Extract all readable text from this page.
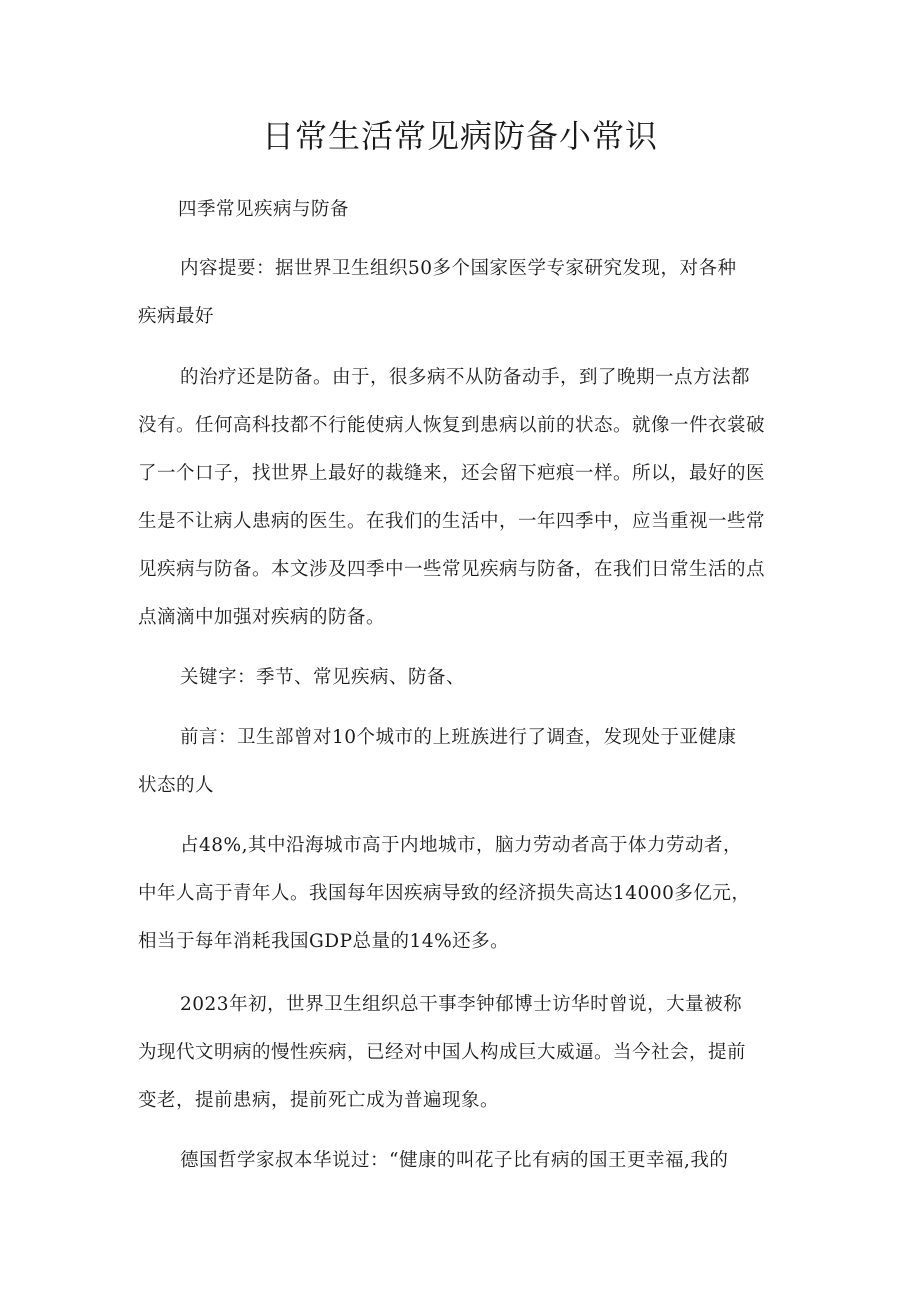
日常生活常见病防备小常识

四季常见疾病与防备

内容提要：据世界卫生组织50多个国家医学专家研究发现，对各种
疾病最好

的治疗还是防备。由于，很多病不从防备动手，到了晚期一点方法都
没有。任何高科技都不行能使病人恢复到患病以前的状态。就像一件衣裳破
了一个口子，找世界上最好的裁缝来，还会留下疤痕一样。所以，最好的医
生是不让病人患病的医生。在我们的生活中，一年四季中，应当重视一些常
见疾病与防备。本文涉及四季中一些常见疾病与防备，在我们日常生活的点
点滴滴中加强对疾病的防备。

关键字：季节、常见疾病、防备、

前言：卫生部曾对10个城市的上班族进行了调查，发现处于亚健康
状态的人

占48%,其中沿海城市高于内地城市，脑力劳动者高于体力劳动者，
中年人高于青年人。我国每年因疾病导致的经济损失高达14000多亿元，
相当于每年消耗我国GDP总量的14%还多。

2023年初，世界卫生组织总干事李钟郁博士访华时曾说，大量被称
为现代文明病的慢性疾病，已经对中国人构成巨大威逼。当今社会，提前
变老，提前患病，提前死亡成为普遍现象。

德国哲学家叔本华说过：“健康的叫花子比有病的国王更幸福,我的
